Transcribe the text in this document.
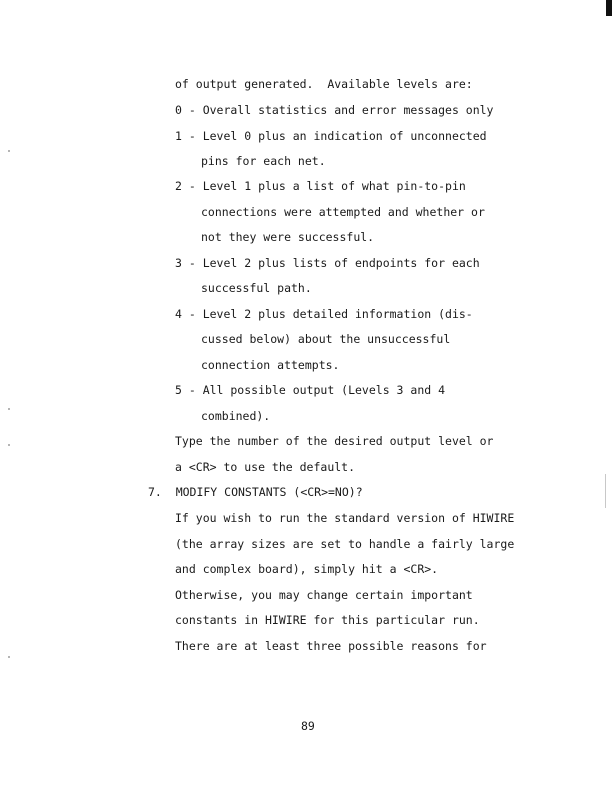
of output generated.  Available levels are:
0 - Overall statistics and error messages only
1 - Level 0 plus an indication of unconnected
pins for each net.
2 - Level 1 plus a list of what pin-to-pin
connections were attempted and whether or
not they were successful.
3 - Level 2 plus lists of endpoints for each
successful path.
4 - Level 2 plus detailed information (dis-
cussed below) about the unsuccessful
connection attempts.
5 - All possible output (Levels 3 and 4
combined).
Type the number of the desired output level or
a <CR> to use the default.
7.  MODIFY CONSTANTS (<CR>=NO)?
If you wish to run the standard version of HIWIRE
(the array sizes are set to handle a fairly large
and complex board), simply hit a <CR>.
Otherwise, you may change certain important
constants in HIWIRE for this particular run.
There are at least three possible reasons for
89
